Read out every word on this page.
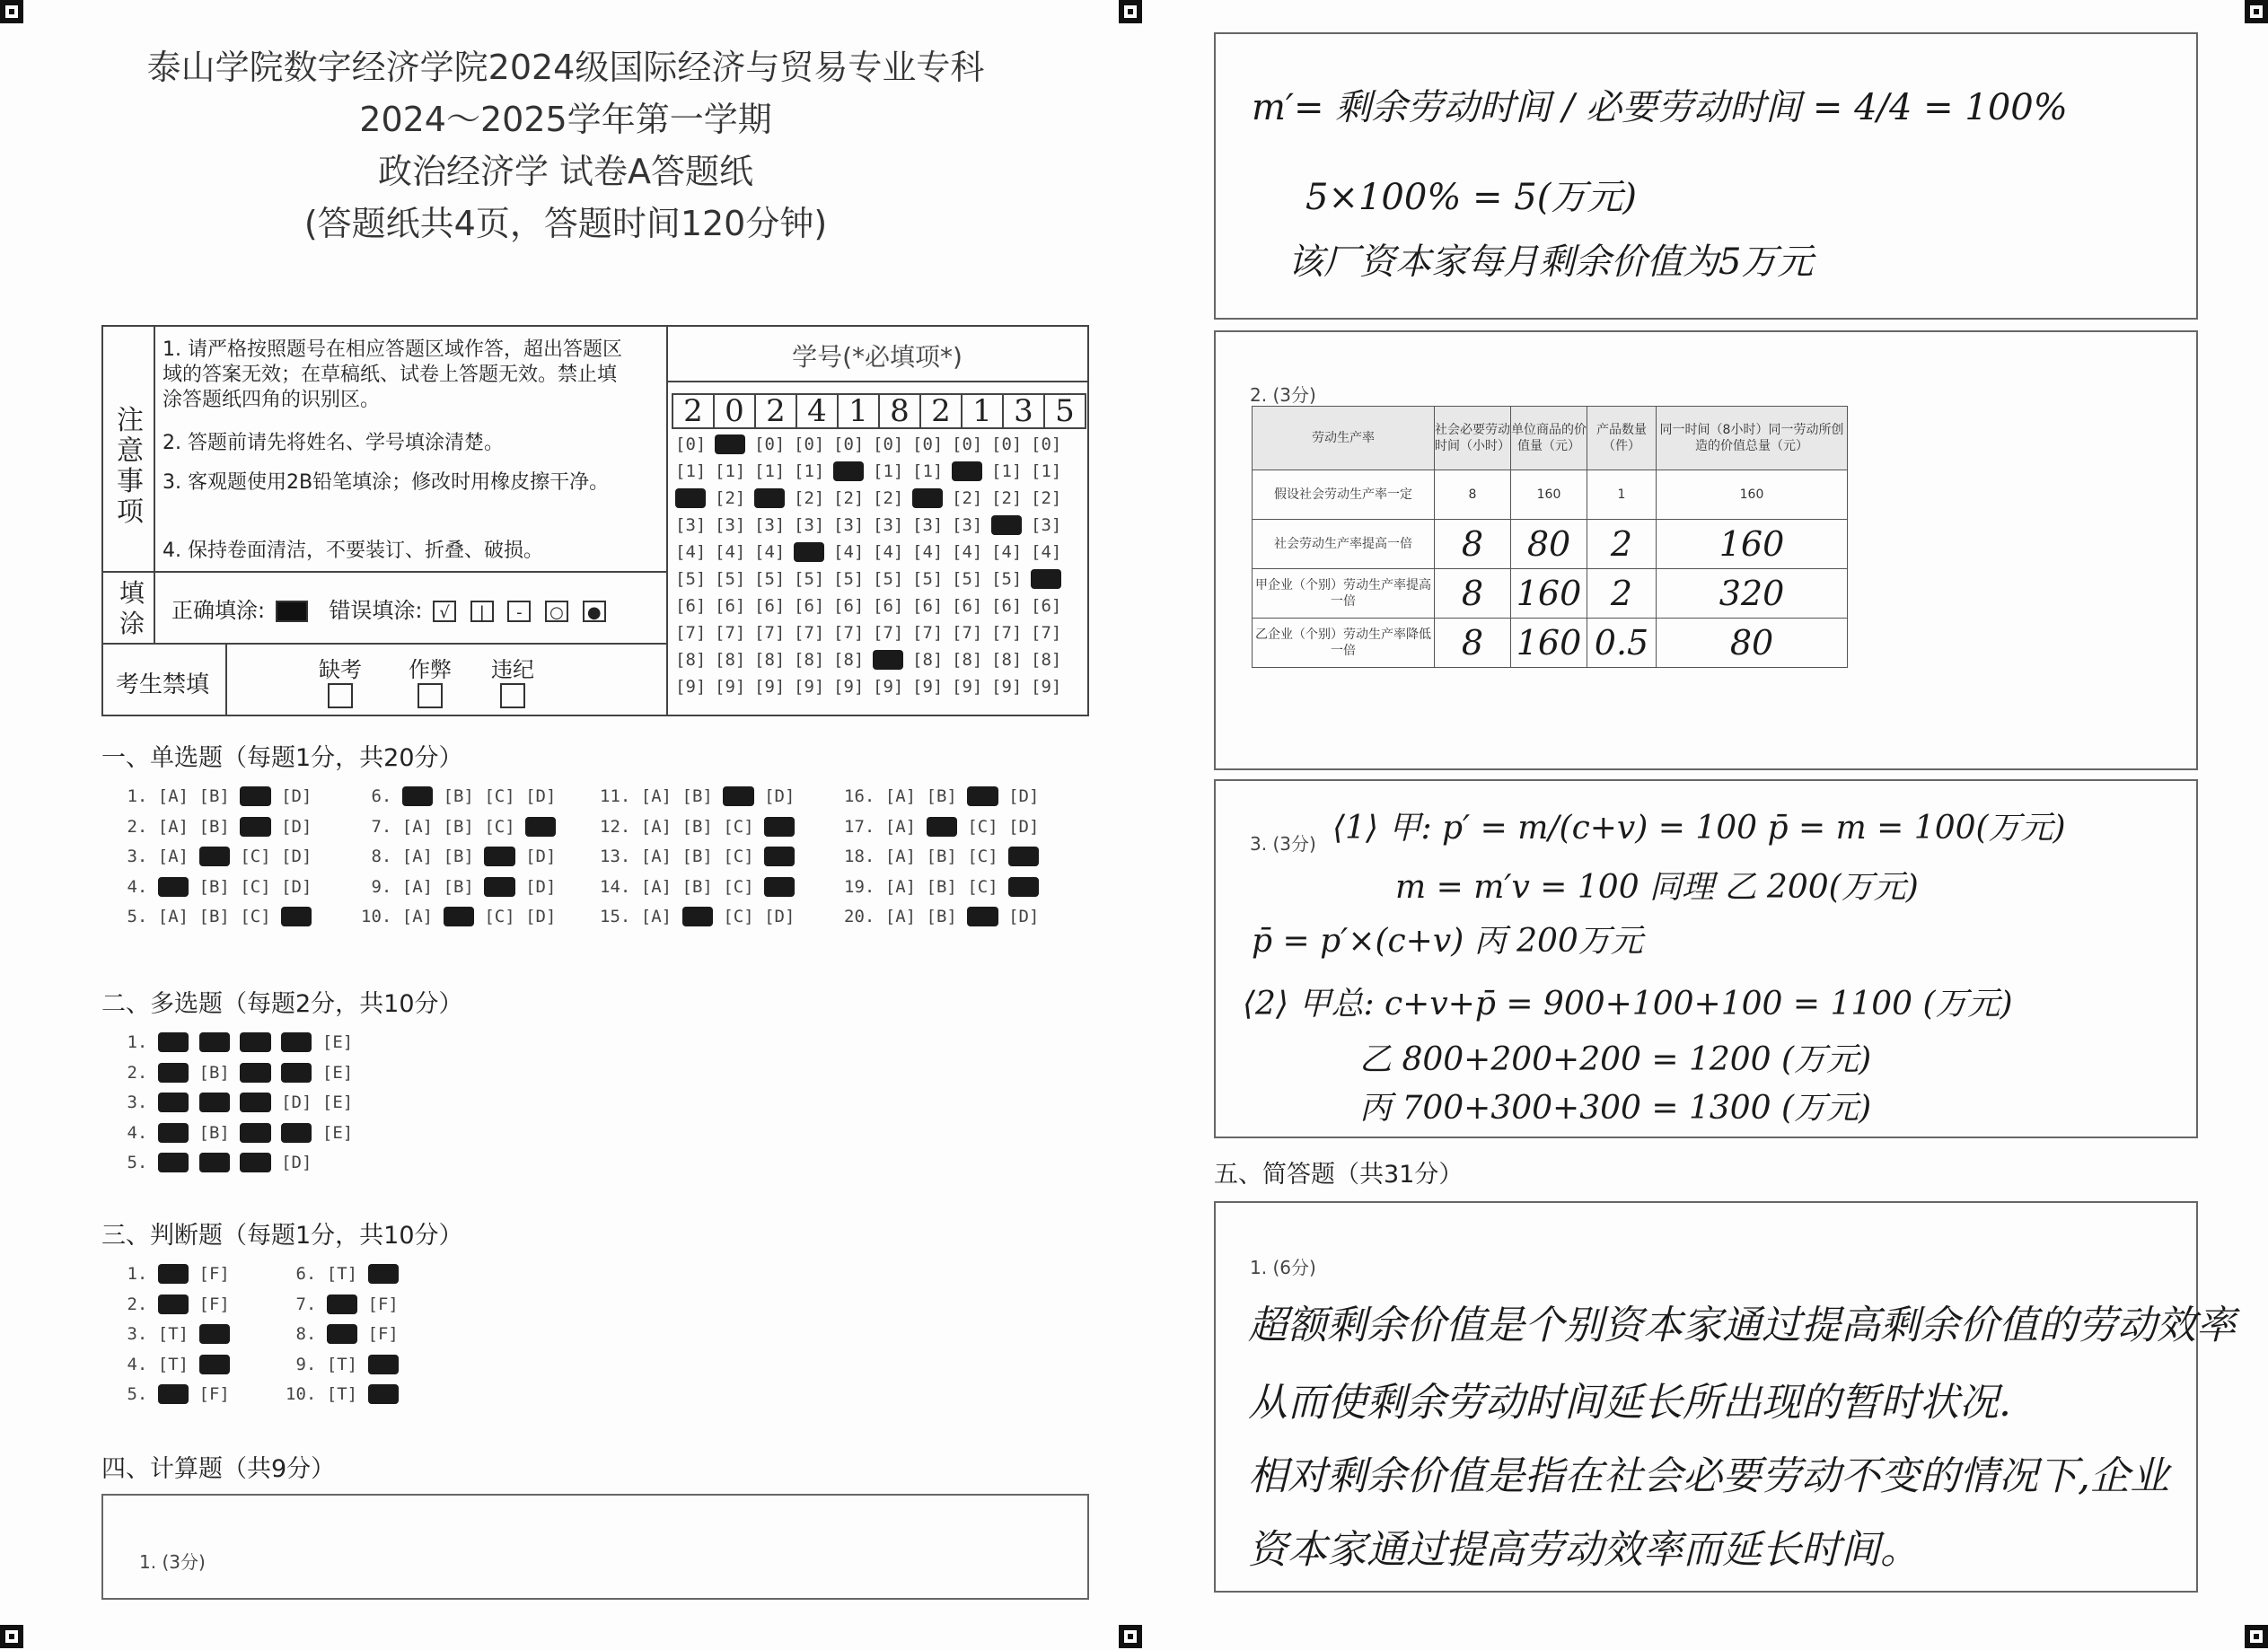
泰山学院数字经济学院2024级国际经济与贸易专业专科
2024～2025学年第一学期
政治经济学 试卷A答题纸
(答题纸共4页，答题时间120分钟)
注意事项
1. 请严格按照题号在相应答题区域作答，超出答题区域的答案无效；在草稿纸、试卷上答题无效。禁止填涂答题纸四角的识别区。
2. 答题前请先将姓名、学号填涂清楚。
3. 客观题使用2B铅笔填涂；修改时用橡皮擦干净。
4. 保持卷面清洁，不要装订、折叠、破损。
填涂 正确填涂:	错误填涂: √ | - ○ ●
考生禁填
缺考 作弊 违纪
学号(*必填项*)
2 0 2 4 1 8 2 1 3 5
[0] [0] [0] [0] [0] [0] [0] [0] [0] [0]
[1] [1] [1] [1] [1] [1] [1] [1] [1] [1]
[2] [2] [2] [2] [2] [2] [2] [2] [2] [2]
[3] [3] [3] [3] [3] [3] [3] [3] [3] [3]
[4] [4] [4] [4] [4] [4] [4] [4] [4] [4]
[5] [5] [5] [5] [5] [5] [5] [5] [5] [5]
[6] [6] [6] [6] [6] [6] [6] [6] [6] [6]
[7] [7] [7] [7] [7] [7] [7] [7] [7] [7]
[8] [8] [8] [8] [8] [8] [8] [8] [8] [8]
[9] [9] [9] [9] [9] [9] [9] [9] [9] [9]
一、单选题（每题1分，共20分）
1. [A] [B] [C] [D]
2. [A] [B] [C] [D]
3. [A] [B] [C] [D]
4. [A] [B] [C] [D]
5. [A] [B] [C] [D]
6. [A] [B] [C] [D]
7. [A] [B] [C] [D]
8. [A] [B] [C] [D]
9. [A] [B] [C] [D]
10. [A] [B] [C] [D]
11. [A] [B] [C] [D]
12. [A] [B] [C] [D]
13. [A] [B] [C] [D]
14. [A] [B] [C] [D]
15. [A] [B] [C] [D]
16. [A] [B] [C] [D]
17. [A] [B] [C] [D]
18. [A] [B] [C] [D]
19. [A] [B] [C] [D]
20. [A] [B] [C] [D]
二、多选题（每题2分，共10分）
1. [A] [B] [C] [D] [E]
2. [A] [B] [C] [D] [E]
3. [A] [B] [C] [D] [E]
4. [A] [B] [C] [D] [E]
5. [A] [B] [C] [D]
三、判断题（每题1分，共10分）
1. [T] [F]
2. [T] [F]
3. [T] [F]
4. [T] [F]
5. [T] [F]
6. [T] [F]
7. [T] [F]
8. [T] [F]
9. [T] [F]
10. [T] [F]
四、计算题（共9分）
1. (3分)
m′= 剩余劳动时间 / 必要劳动时间 = 4/4 = 100%
5×100% = 5(万元)
该厂资本家每月剩余价值为5万元
2. (3分)
劳动生产率	社会必要劳动时间（小时）	单位商品的价值量（元）	产品数量（件）	同一时间（8小时）同一劳动所创造的价值总量（元）
假设社会劳动生产率一定	8	160	1	160
社会劳动生产率提高一倍	8	80	2	160
甲企业（个别）劳动生产率提高一倍	8	160	2	320
乙企业（个别）劳动生产率降低一倍	8	160	0.5	80
3. (3分) ⟨1⟩ 甲: p′ = m/(c+v) = 100 p̄ = m = 100(万元)
m = m′v = 100 同理 乙 200(万元)
p̄ = p′×(c+v) 丙 200万元
⟨2⟩ 甲总: c+v+p̄ = 900+100+100 = 1100 (万元)
乙 800+200+200 = 1200 (万元)
丙 700+300+300 = 1300 (万元)
五、简答题（共31分）
1. (6分)
超额剩余价值是个别资本家通过提高剩余价值的劳动效率
从而使剩余劳动时间延长所出现的暂时状况.
相对剩余价值是指在社会必要劳动不变的情况下,企业
资本家通过提高劳动效率而延长时间。
